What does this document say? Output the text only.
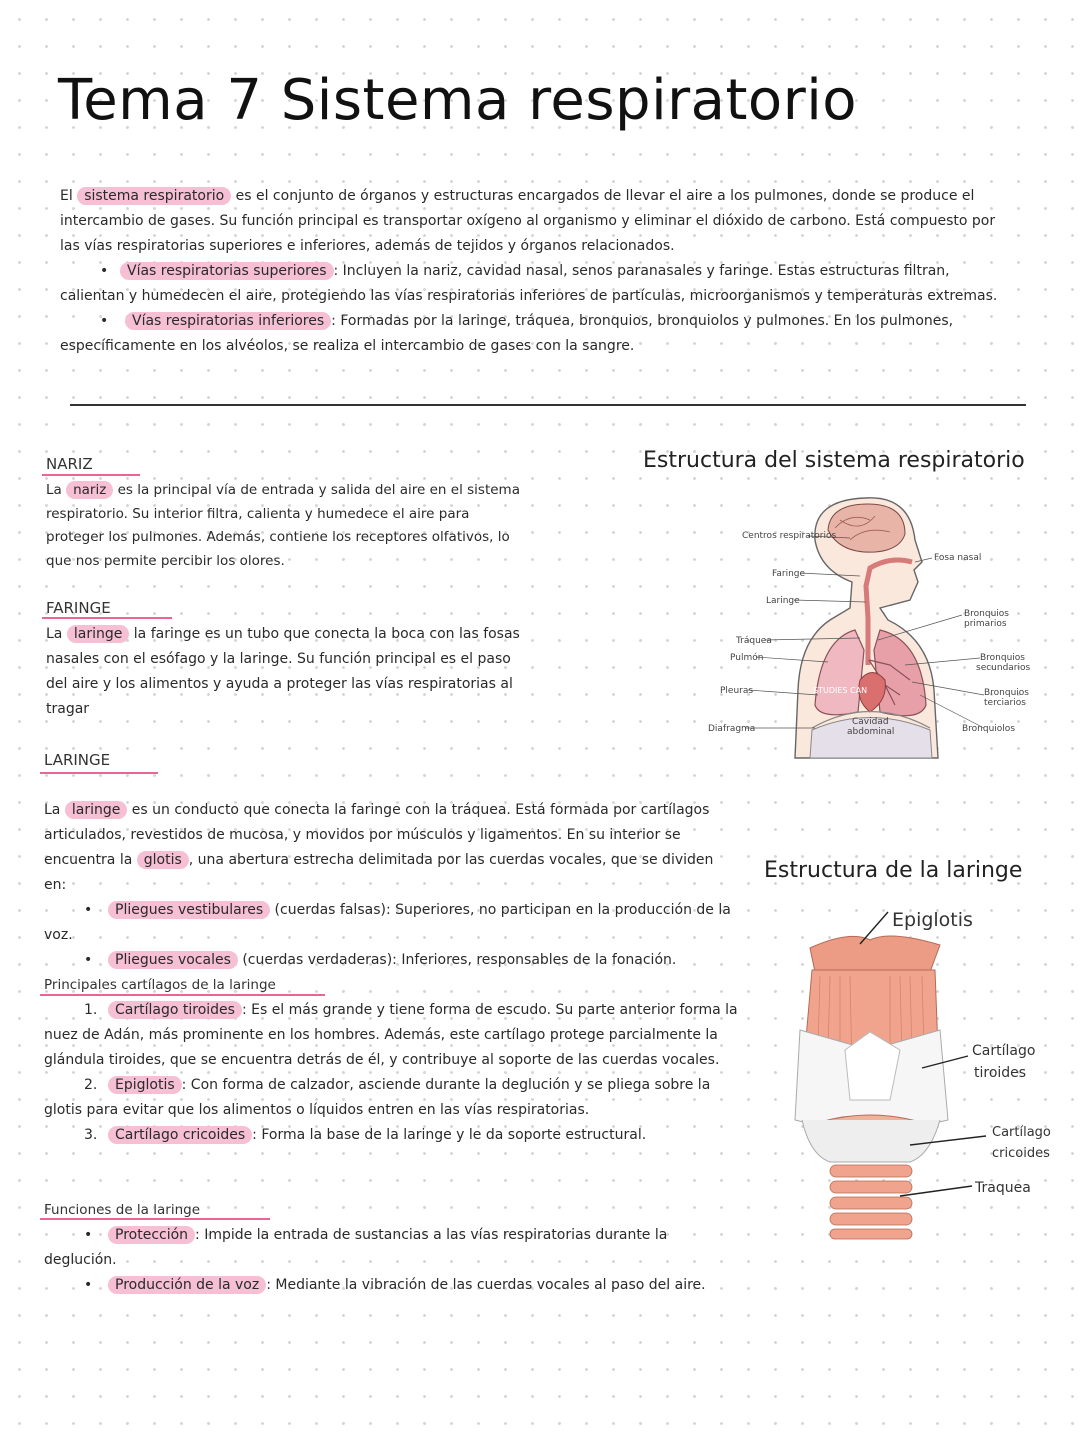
Tema 7 Sistema respiratorio
El sistema respiratorio es el conjunto de órganos y estructuras encargados de llevar el aire a los pulmones, donde se produce el intercambio de gases. Su función principal es transportar oxígeno al organismo y eliminar el dióxido de carbono. Está compuesto por las vías respiratorias superiores e inferiores, además de tejidos y órganos relacionados.
• Vías respiratorias superiores : Incluyen la nariz, cavidad nasal, senos paranasales y faringe. Estas estructuras filtran, calientan y humedecen el aire, protegiendo las vías respiratorias inferiores de partículas, microorganismos y temperaturas extremas.
• Vías respiratorias inferiores : Formadas por la laringe, tráquea, bronquios, bronquiolos y pulmones. En los pulmones, específicamente en los alvéolos, se realiza el intercambio de gases con la sangre.
NARIZ
La nariz es la principal vía de entrada y salida del aire en el sistema respiratorio. Su interior filtra, calienta y humedece el aire para proteger los pulmones. Además, contiene los receptores olfativos, lo que nos permite percibir los olores.
FARINGE
La laringe la faringe es un tubo que conecta la boca con las fosas nasales con el esófago y la laringe. Su función principal es el paso del aire y los alimentos y ayuda a proteger las vías respiratorias al tragar
LARINGE
La laringe es un conducto que conecta la faringe con la tráquea. Está formada por cartílagos articulados, revestidos de mucosa, y movidos por músculos y ligamentos. En su interior se encuentra la glotis , una abertura estrecha delimitada por las cuerdas vocales, que se dividen en:
• Pliegues vestibulares (cuerdas falsas): Superiores, no participan en la producción de la voz.
• Pliegues vocales (cuerdas verdaderas): Inferiores, responsables de la fonación.
Principales cartílagos de la laringe
1. Cartílago tiroides : Es el más grande y tiene forma de escudo. Su parte anterior forma la nuez de Adán, más prominente en los hombres. Además, este cartílago protege parcialmente la glándula tiroides, que se encuentra detrás de él, y contribuye al soporte de las cuerdas vocales.
2. Epiglotis : Con forma de calzador, asciende durante la deglución y se pliega sobre la glotis para evitar que los alimentos o líquidos entren en las vías respiratorias.
3. Cartílago cricoides : Forma la base de la laringe y le da soporte estructural.
Funciones de la laringe
• Protección : Impide la entrada de sustancias a las vías respiratorias durante la deglución.
• Producción de la voz : Mediante la vibración de las cuerdas vocales al paso del aire.
Estructura del sistema respiratorio
STUDIES CAN
Centros respiratorios
Faringe
Laringe
Tráquea
Pulmón
Pleuras
Diafragma
Fosa nasal
Bronquios
primarios
Bronquios
secundarios
Bronquios
terciarios
Bronquiolos
Cavidad
abdominal
Estructura de la laringe
Epiglotis
Cartílago
tiroides
Cartílago
cricoides
Traquea
